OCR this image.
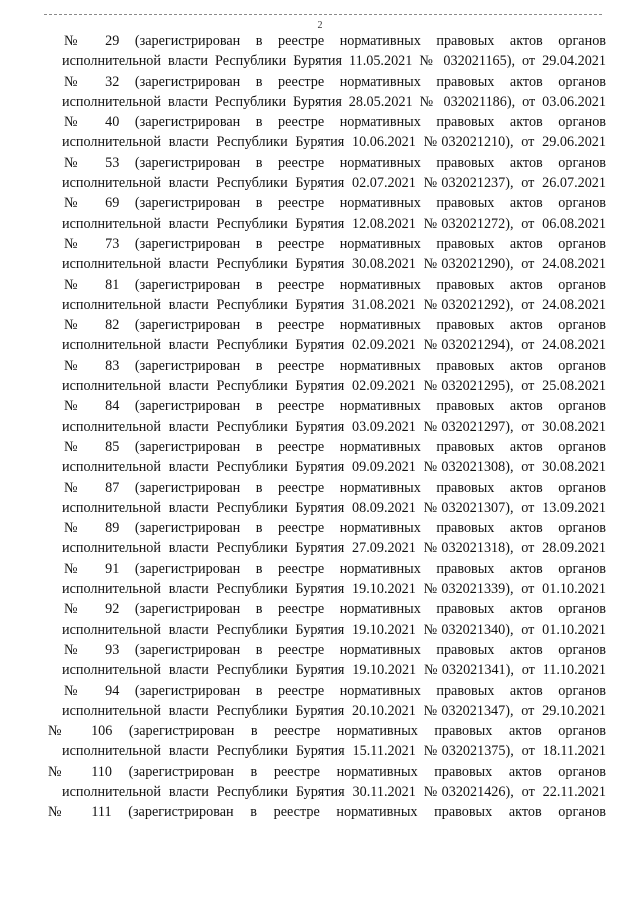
2

№ 29 (зарегистрирован в реестре нормативных правовых актов органов
исполнительной власти Республики Бурятия 11.05.2021 № 032021165), от 29.04.2021

№ 32 (зарегистрирован в реестре нормативных правовых актов органов
исполнительной власти Республики Бурятия 28.05.2021 № 032021186), от 03.06.2021

№ 40 (зарегистрирован в реестре нормативных правовых актов органов
исполнительной власти Республики Бурятия 10.06.2021 №032021210), от 29.06.2021

№ 53 (зарегистрирован в реестре нормативных правовых актов органов
исполнительной власти Республики Бурятия 02.07.2021 №032021237), от 26.07.2021

№ 69 (зарегистрирован в реестре нормативных правовых актов органов
исполнительной власти Республики Бурятия 12.08.2021 №032021272), от 06.08.2021

№ 73 (зарегистрирован в реестре нормативных правовых актов органов
исполнительной власти Республики Бурятия 30.08.2021 №032021290), от 24.08.2021

№ 81 (зарегистрирован в реестре нормативных правовых актов органов
исполнительной власти Республики Бурятия 31.08.2021 №032021292), от 24.08.2021

№ 82 (зарегистрирован в реестре нормативных правовых актов органов
исполнительной власти Республики Бурятия 02.09.2021 №032021294), от 24.08.2021

№ 83 (зарегистрирован в реестре нормативных правовых актов органов
исполнительной власти Республики Бурятия 02.09.2021 №032021295), от 25.08.2021

№ 84 (зарегистрирован в реестре нормативных правовых актов органов
исполнительной власти Республики Бурятия 03.09.2021 №032021297), от 30.08.2021

№ 85 (зарегистрирован в реестре нормативных правовых актов органов
исполнительной власти Республики Бурятия 09.09.2021 №032021308), от 30.08.2021

№ 87 (зарегистрирован в реестре нормативных правовых актов органов
исполнительной власти Республики Бурятия 08.09.2021 №032021307), от 13.09.2021

№ 89 (зарегистрирован в реестре нормативных правовых актов органов
исполнительной власти Республики Бурятия 27.09.2021 №032021318), от 28.09.2021

№ 91 (зарегистрирован в реестре нормативных правовых актов органов
исполнительной власти Республики Бурятия 19.10.2021 №032021339), от 01.10.2021

№ 92 (зарегистрирован в реестре нормативных правовых актов органов
исполнительной власти Республики Бурятия 19.10.2021 №032021340), от 01.10.2021

№ 93 (зарегистрирован в реестре нормативных правовых актов органов
исполнительной власти Республики Бурятия 19.10.2021 №032021341), от 11.10.2021

№ 94 (зарегистрирован в реестре нормативных правовых актов органов
исполнительной власти Республики Бурятия 20.10.2021 №032021347), от 29.10.2021

№ 106 (зарегистрирован в реестре нормативных правовых актов органов
исполнительной власти Республики Бурятия 15.11.2021 №032021375), от 18.11.2021

№ 110 (зарегистрирован в реестре нормативных правовых актов органов
исполнительной власти Республики Бурятия 30.11.2021 №032021426), от 22.11.2021

№ 111 (зарегистрирован в реестре нормативных правовых актов органов
